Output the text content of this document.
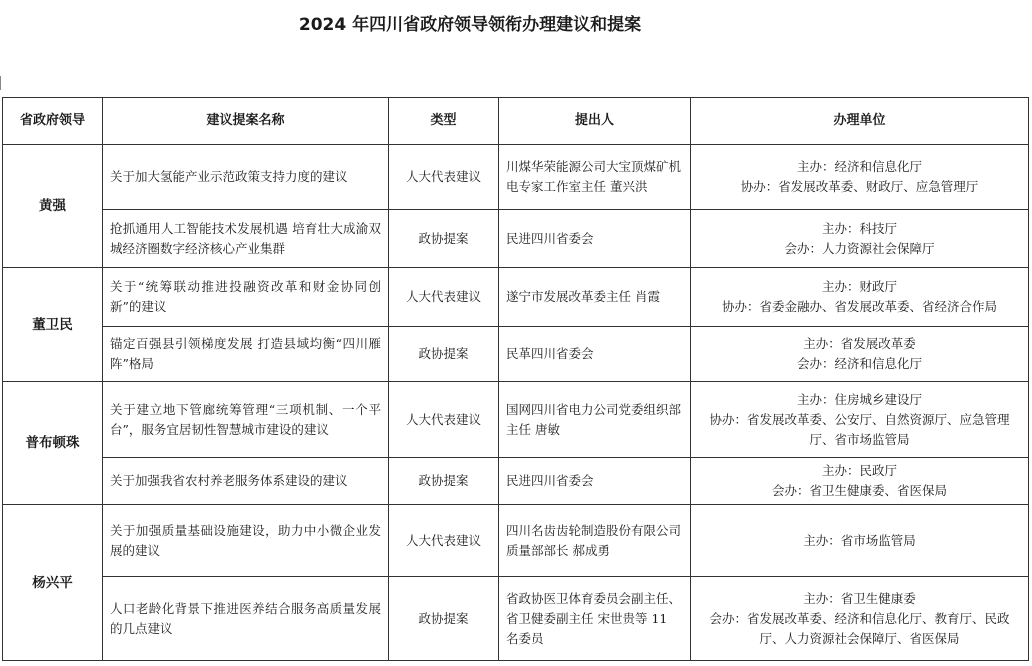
2024 年四川省政府领导领衔办理建议和提案
省政府领导	建议提案名称	类型	提出人	办理单位
黄强	关于加大氢能产业示范政策支持力度的建议	人大代表建议	川煤华荣能源公司大宝顶煤矿机电专家工作室主任 董兴洪	主办：经济和信息化厅
协办：省发展改革委、财政厅、应急管理厅

	抢抓通用人工智能技术发展机遇 培育壮大成渝双城经济圈数字经济核心产业集群	政协提案	民进四川省委会	主办：科技厅
会办：人力资源社会保障厅

董卫民	关于“统筹联动推进投融资改革和财金协同创新”的建议	人大代表建议	遂宁市发展改革委主任 肖霞	主办：财政厅
协办：省委金融办、省发展改革委、省经济合作局

	锚定百强县引领梯度发展 打造县域均衡“四川雁阵”格局	政协提案	民革四川省委会	主办：省发展改革委
会办：经济和信息化厅

普布顿珠	关于建立地下管廊统筹管理“三项机制、一个平台”，服务宜居韧性智慧城市建设的建议	人大代表建议	国网四川省电力公司党委组织部主任 唐敏	主办：住房城乡建设厅
协办：省发展改革委、公安厅、自然资源厅、应急管理厅、省市场监管局

	关于加强我省农村养老服务体系建设的建议	政协提案	民进四川省委会	主办：民政厅
会办：省卫生健康委、省医保局

杨兴平	关于加强质量基础设施建设，助力中小微企业发展的建议	人大代表建议	四川名齿齿轮制造股份有限公司质量部部长 郝成勇	主办：省市场监管局

	人口老龄化背景下推进医养结合服务高质量发展的几点建议	政协提案	省政协医卫体育委员会副主任、省卫健委副主任 宋世贵等 11 名委员	主办：省卫生健康委
会办：省发展改革委、经济和信息化厅、教育厅、民政厅、人力资源社会保障厅、省医保局
